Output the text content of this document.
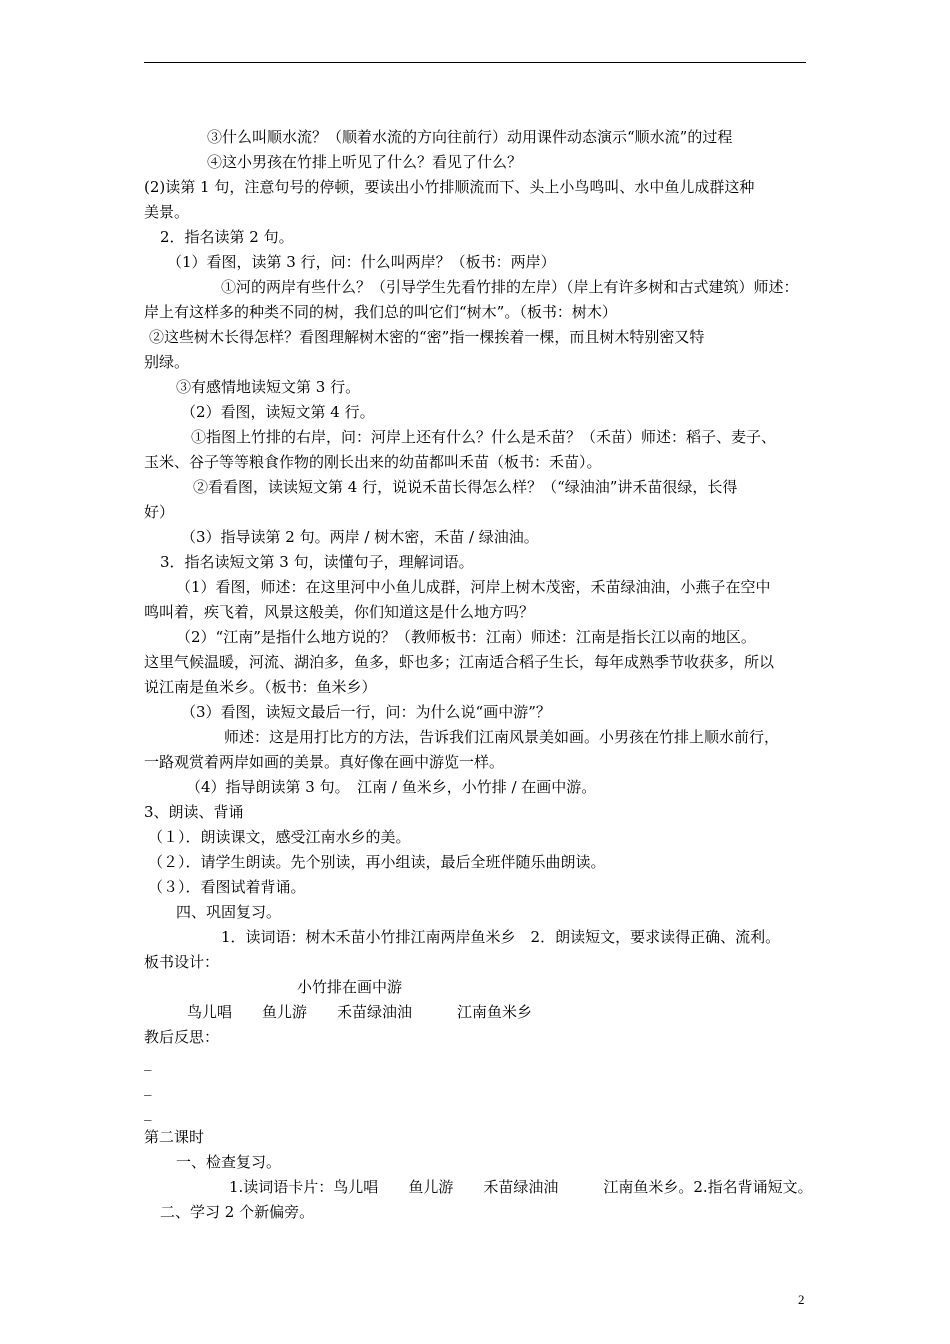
③什么叫顺水流？（顺着水流的方向往前行）动用课件动态演示“顺水流”的过程
④这小男孩在竹排上听见了什么？看见了什么？
(2)读第 1 句，注意句号的停顿，要读出小竹排顺流而下、头上小鸟鸣叫、水中鱼儿成群这种
美景。
2．指名读第 2 句。
（1）看图，读第 3 行，问：什么叫两岸？（板书：两岸）
①河的两岸有些什么？（引导学生先看竹排的左岸）（岸上有许多树和古式建筑）师述：
岸上有这样多的种类不同的树，我们总的叫它们“树木”。（板书：树木）
②这些树木长得怎样？看图理解树木密的“密”指一棵挨着一棵，而且树木特别密又特
别绿。
③有感情地读短文第 3 行。
（2）看图，读短文第 4 行。
①指图上竹排的右岸，问：河岸上还有什么？什么是禾苗？（禾苗）师述：稻子、麦子、
玉米、谷子等等粮食作物的刚长出来的幼苗都叫禾苗（板书：禾苗）。
②看看图，读读短文第 4 行，说说禾苗长得怎么样？（“绿油油”讲禾苗很绿，长得
好）
（3）指导读第 2 句。两岸 / 树木密，禾苗 / 绿油油。
3．指名读短文第 3 句，读懂句子，理解词语。
（1）看图，师述：在这里河中小鱼儿成群，河岸上树木茂密，禾苗绿油油，小燕子在空中
鸣叫着，疾飞着，风景这般美，你们知道这是什么地方吗？
（2）“江南”是指什么地方说的？（教师板书：江南）师述：江南是指长江以南的地区。
这里气候温暖，河流、湖泊多，鱼多，虾也多；江南适合稻子生长，每年成熟季节收获多，所以
说江南是鱼米乡。（板书：鱼米乡）
（3）看图，读短文最后一行，问：为什么说“画中游”？
师述：这是用打比方的方法，告诉我们江南风景美如画。小男孩在竹排上顺水前行，
一路观赏着两岸如画的美景。真好像在画中游览一样。
（4）指导朗读第 3 句。　江南 / 鱼米乡，小竹排 / 在画中游。
3、朗读、背诵
（１）．朗读课文，感受江南水乡的美。
（２）．请学生朗读。先个别读，再小组读，最后全班伴随乐曲朗读。
（３）．看图试着背诵。
四、巩固复习。
1．读词语：树木禾苗小竹排江南两岸鱼米乡　2．朗读短文，要求读得正确、流利。
板书设计：
小竹排在画中游
鸟儿唱　　鱼儿游　　禾苗绿油油　　　江南鱼米乡
教后反思：
_
_
_
第二课时
一、检查复习。
1.读词语卡片：鸟儿唱　　鱼儿游　　禾苗绿油油　　　江南鱼米乡。2.指名背诵短文。
二、学习 2 个新偏旁。
2
